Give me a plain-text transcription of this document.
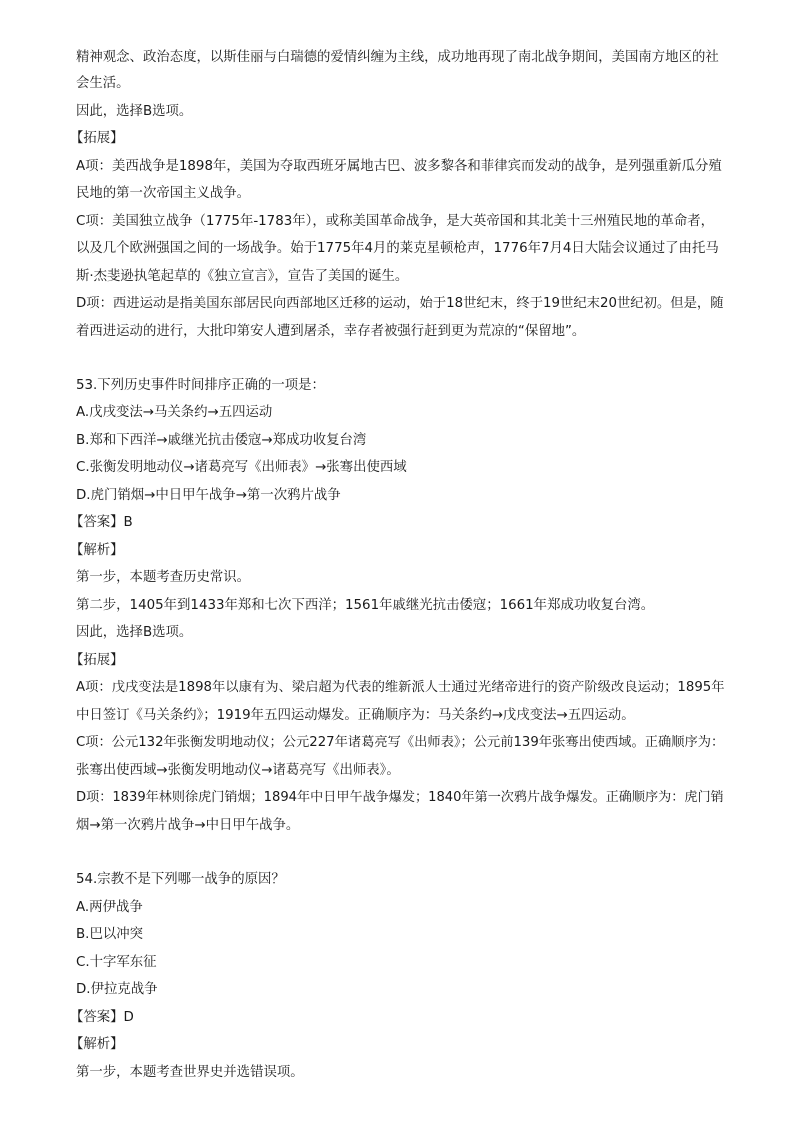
精神观念、政治态度，以斯佳丽与白瑞德的爱情纠缠为主线，成功地再现了南北战争期间，美国南方地区的社
会生活。
因此，选择B选项。
【拓展】
A项：美西战争是1898年，美国为夺取西班牙属地古巴、波多黎各和菲律宾而发动的战争，是列强重新瓜分殖
民地的第一次帝国主义战争。
C项：美国独立战争（1775年-1783年），或称美国革命战争，是大英帝国和其北美十三州殖民地的革命者，
以及几个欧洲强国之间的一场战争。始于1775年4月的莱克星顿枪声，1776年7月4日大陆会议通过了由托马
斯·杰斐逊执笔起草的《独立宣言》，宣告了美国的诞生。
D项：西进运动是指美国东部居民向西部地区迁移的运动，始于18世纪末，终于19世纪末20世纪初。但是，随
着西进运动的进行，大批印第安人遭到屠杀，幸存者被强行赶到更为荒凉的“保留地”。
53.下列历史事件时间排序正确的一项是：
A.戊戌变法→马关条约→五四运动
B.郑和下西洋→戚继光抗击倭寇→郑成功收复台湾
C.张衡发明地动仪→诸葛亮写《出师表》→张骞出使西域
D.虎门销烟→中日甲午战争→第一次鸦片战争
【答案】B
【解析】
第一步，本题考查历史常识。
第二步，1405年到1433年郑和七次下西洋；1561年戚继光抗击倭寇；1661年郑成功收复台湾。
因此，选择B选项。
【拓展】
A项：戊戌变法是1898年以康有为、梁启超为代表的维新派人士通过光绪帝进行的资产阶级改良运动；1895年
中日签订《马关条约》；1919年五四运动爆发。正确顺序为：马关条约→戊戌变法→五四运动。
C项：公元132年张衡发明地动仪；公元227年诸葛亮写《出师表》；公元前139年张骞出使西域。正确顺序为：
张骞出使西域→张衡发明地动仪→诸葛亮写《出师表》。
D项：1839年林则徐虎门销烟；1894年中日甲午战争爆发；1840年第一次鸦片战争爆发。正确顺序为：虎门销
烟→第一次鸦片战争→中日甲午战争。
54.宗教不是下列哪一战争的原因？
A.两伊战争
B.巴以冲突
C.十字军东征
D.伊拉克战争
【答案】D
【解析】
第一步，本题考查世界史并选错误项。
